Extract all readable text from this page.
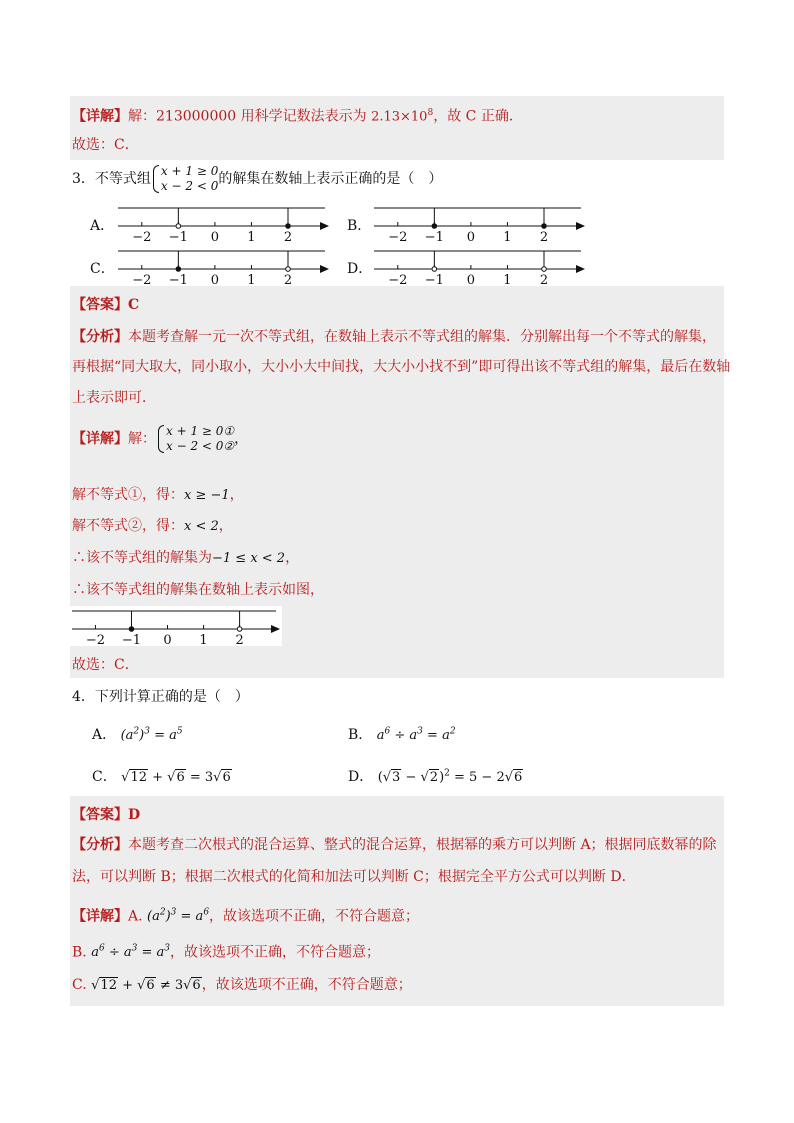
【详解】解：213000000 用科学记数法表示为 $2.13\times 10^8$，故 C 正确．
故选：C．
3．不等式组 x + 1 ≥ 0
x − 2 < 0 的解集在数轴上表示正确的是（　）
A．	B．
C．	D．
−2 −1 0 1 2	−2 −1 0 1 2
−2 −1 0 1 2	−2 −1 0 1 2
【答案】C
【分析】本题考查解一元一次不等式组，在数轴上表示不等式组的解集．分别解出每一个不等式的解集，
再根据“同大取大，同小取小，大小小大中间找，大大小小找不到”即可得出该不等式组的解集，最后在数轴
上表示即可．
【详解】解： x + 1 ≥ 0①
x − 2 < 0② ，
解不等式①，得：x ≥ −1，
解不等式②，得：x < 2，
∴该不等式组的解集为−1 ≤ x < 2，
∴该不等式组的解集在数轴上表示如图，
−2 −1 0 1 2
故选：C．
4．下列计算正确的是（　）
A． $(a^2)^3 = a^5$	B． $a^6 \div a^3 = a^2$
C． √12 + √6 = 3√6	D． $(√3 - √2)^2 = 5 - 2√6$
【答案】D
【分析】本题考查二次根式的混合运算、整式的混合运算，根据幂的乘方可以判断 A；根据同底数幂的除
法，可以判断 B；根据二次根式的化简和加法可以判断 C；根据完全平方公式可以判断 D．
【详解】A. $(a^2)^3 = a^6$，故该选项不正确，不符合题意；
B. $a^6 \div a^3 = a^3$，故该选项不正确，不符合题意；
C. √12 + √6 ≠ 3√6，故该选项不正确，不符合题意；
